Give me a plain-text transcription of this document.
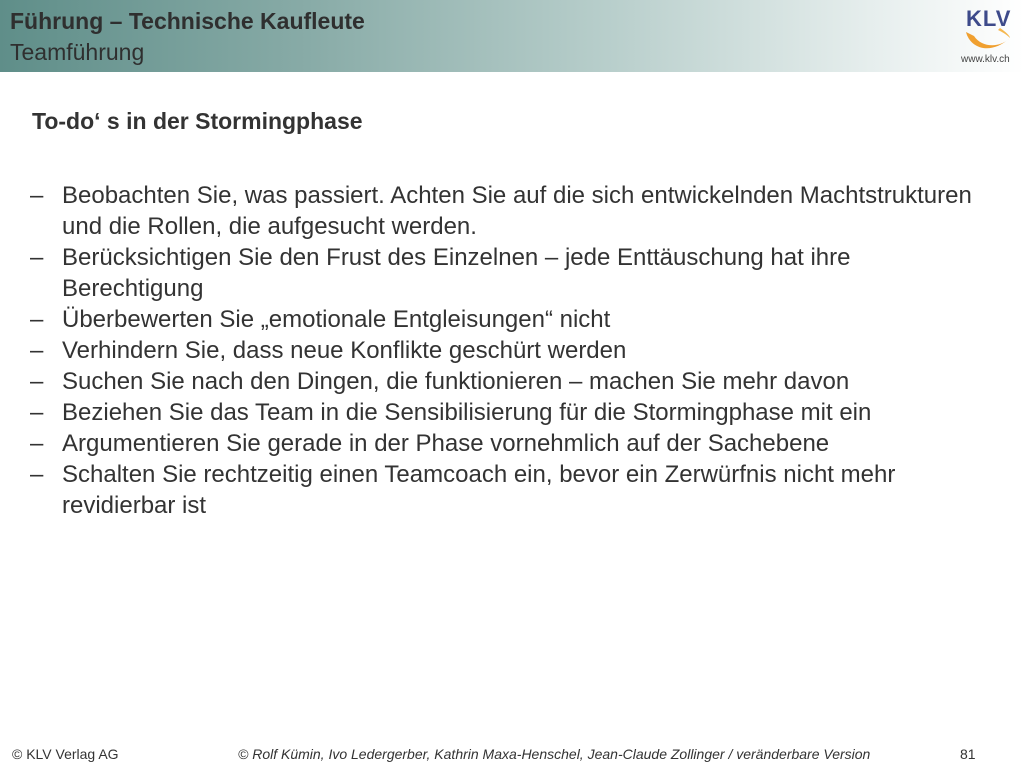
Führung – Technische Kaufleute
Teamführung
KLV
www.klv.ch
To-do‘ s in der Stormingphase
– Beobachten Sie, was passiert. Achten Sie auf die sich entwickelnden Machtstrukturen und die Rollen, die aufgesucht werden.
– Berücksichtigen Sie den Frust des Einzelnen – jede Enttäuschung hat ihre Berechtigung
– Überbewerten Sie „emotionale Entgleisungen“ nicht
– Verhindern Sie, dass neue Konflikte geschürt werden
– Suchen Sie nach den Dingen, die funktionieren – machen Sie mehr davon
– Beziehen Sie das Team in die Sensibilisierung für die Stormingphase mit ein
– Argumentieren Sie gerade in der Phase vornehmlich auf der Sachebene
– Schalten Sie rechtzeitig einen Teamcoach ein, bevor ein Zerwürfnis nicht mehr revidierbar ist
© KLV Verlag AG	© Rolf Kümin, Ivo Ledergerber, Kathrin Maxa-Henschel, Jean-Claude Zollinger / veränderbare Version	81
